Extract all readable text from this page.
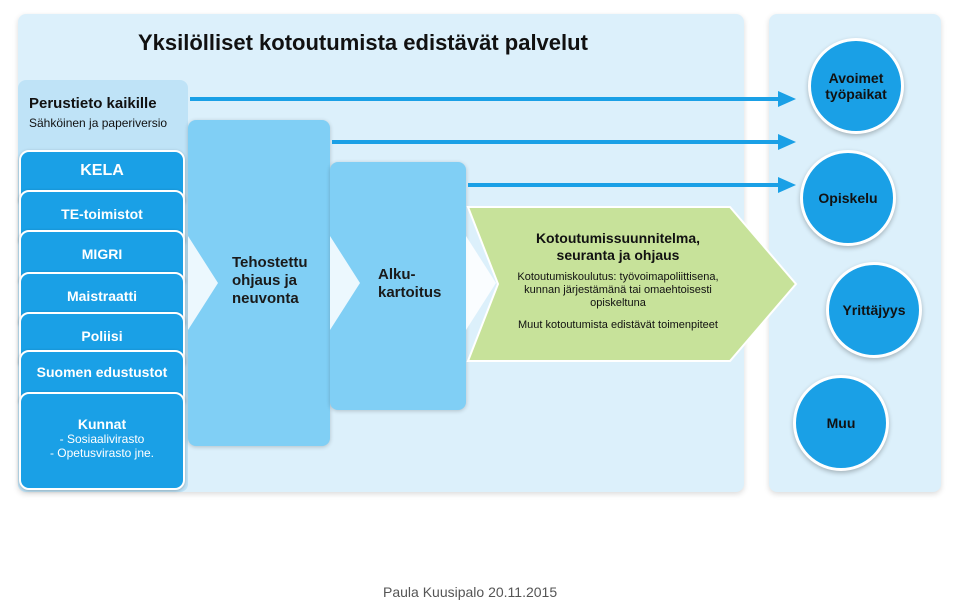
Yksilölliset kotoutumista edistävät palvelut
Perustieto kaikille
Sähköinen ja paperiversio
KELA
TE-toimistot
MIGRI
Maistraatti
Poliisi
Suomen edustustot
Kunnat
- Sosiaalivirasto
- Opetusvirasto jne.
Tehostettu
ohjaus ja
neuvonta
Alku-
kartoitus
Kotoutumissuunnitelma,
seuranta ja ohjaus
Kotoutumiskoulutus: työvoimapoliittisena,
kunnan järjestämänä tai omaehtoisesti
opiskeltuna
Muut kotoutumista edistävät toimenpiteet
Avoimet työpaikat
Opiskelu
Yrittäjyys
Muu
Paula Kuusipalo 20.11.2015
